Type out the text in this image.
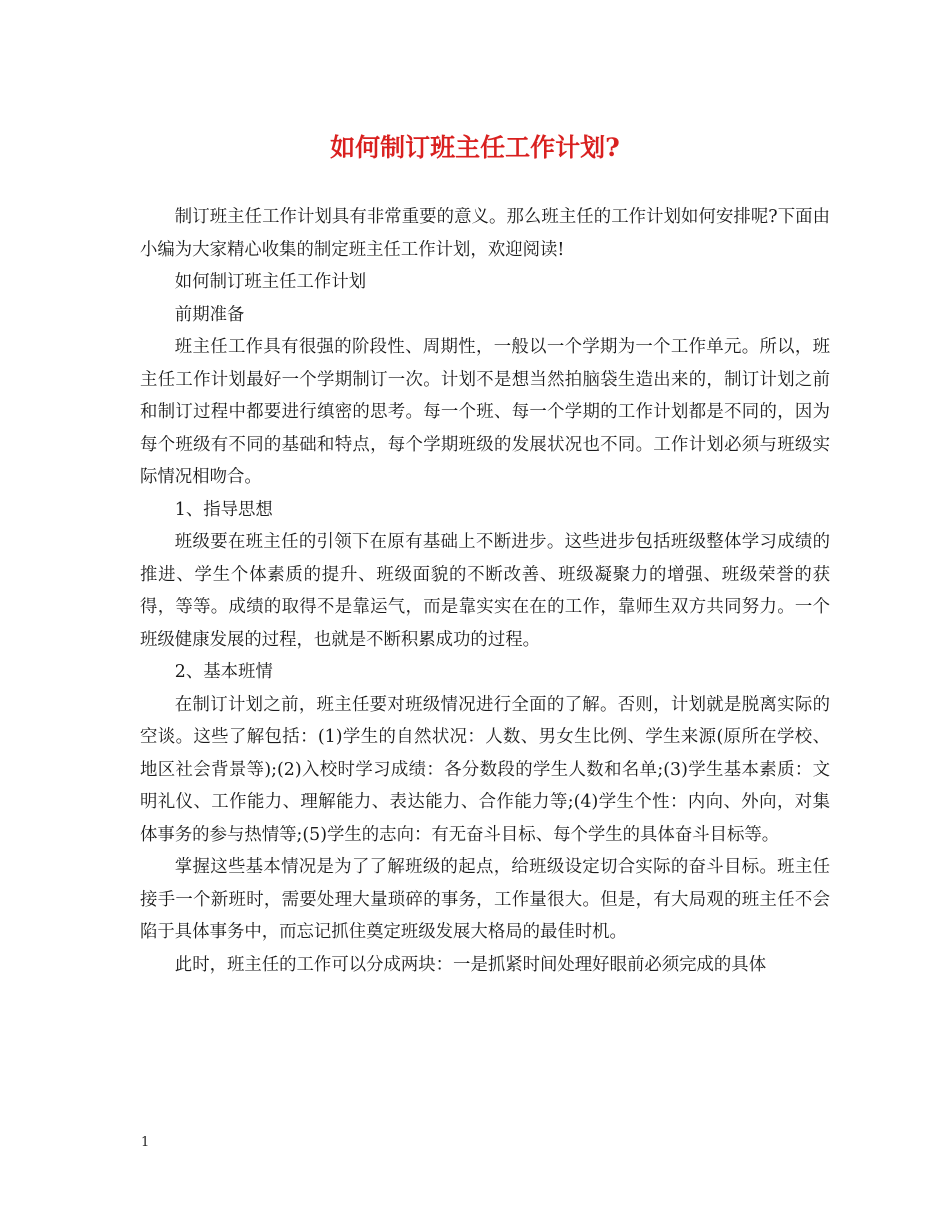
如何制订班主任工作计划?

制订班主任工作计划具有非常重要的意义。那么班主任的工作计划如何安排呢?下面由小编为大家精心收集的制定班主任工作计划，欢迎阅读!

如何制订班主任工作计划

前期准备

班主任工作具有很强的阶段性、周期性，一般以一个学期为一个工作单元。所以，班主任工作计划最好一个学期制订一次。计划不是想当然拍脑袋生造出来的，制订计划之前和制订过程中都要进行缜密的思考。每一个班、每一个学期的工作计划都是不同的，因为每个班级有不同的基础和特点，每个学期班级的发展状况也不同。工作计划必须与班级实际情况相吻合。

1、指导思想

班级要在班主任的引领下在原有基础上不断进步。这些进步包括班级整体学习成绩的推进、学生个体素质的提升、班级面貌的不断改善、班级凝聚力的增强、班级荣誉的获得，等等。成绩的取得不是靠运气，而是靠实实在在的工作，靠师生双方共同努力。一个班级健康发展的过程，也就是不断积累成功的过程。

2、基本班情

在制订计划之前，班主任要对班级情况进行全面的了解。否则，计划就是脱离实际的空谈。这些了解包括：(1)学生的自然状况：人数、男女生比例、学生来源(原所在学校、地区社会背景等);(2)入校时学习成绩：各分数段的学生人数和名单;(3)学生基本素质：文明礼仪、工作能力、理解能力、表达能力、合作能力等;(4)学生个性：内向、外向，对集体事务的参与热情等;(5)学生的志向：有无奋斗目标、每个学生的具体奋斗目标等。

掌握这些基本情况是为了了解班级的起点，给班级设定切合实际的奋斗目标。班主任接手一个新班时，需要处理大量琐碎的事务，工作量很大。但是，有大局观的班主任不会陷于具体事务中，而忘记抓住奠定班级发展大格局的最佳时机。

此时，班主任的工作可以分成两块：一是抓紧时间处理好眼前必须完成的具体

1
